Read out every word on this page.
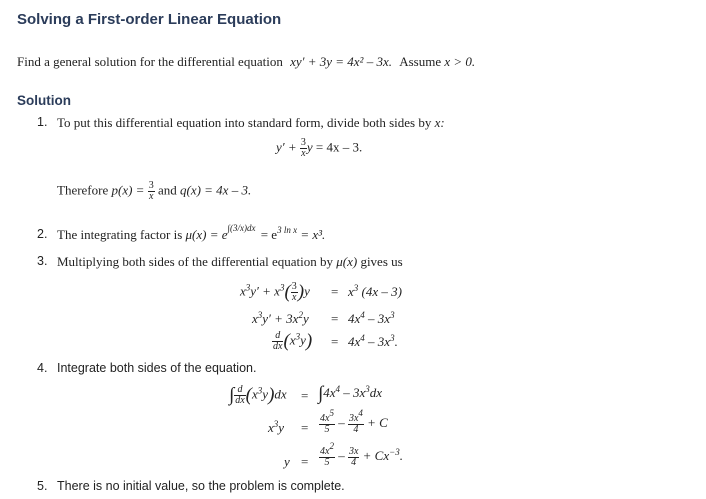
Solving a First-order Linear Equation
Find a general solution for the differential equation xy′ + 3y = 4x² – 3x. Assume x > 0.
Solution
1. To put this differential equation into standard form, divide both sides by x:
$y' + \frac{3}{x}$ y = 4x – 3.
Therefore $p(x) = \frac{3}{x}$ and q(x) = 4x – 3.
2. The integrating factor is $\mu(x) = e^{\int(3/x)dx} = e^{3 ln x} = x^3$.
3. Multiplying both sides of the differential equation by μ(x) gives us
$x^3y' + x^3( \frac{3}{x} )y = x^3$ (4x – 3)
$x^3y' + 3x^2y = 4x^4 - 3x^3$
$\frac{d}{dx} (x^3y) = 4x^4 - 3x^3$.
4. Integrate both sides of the equation.
∫ $\frac{d}{dx} (x^3y)dx = \int 4x^4 - 3x^3dx$
$x^3y = \frac{4x^5}{5} - \frac{3x^4}{4} + C$
$y = \frac{4x^2}{5} - \frac{3x}{4} + Cx^{-3}$.
5. There is no initial value, so the problem is complete.
